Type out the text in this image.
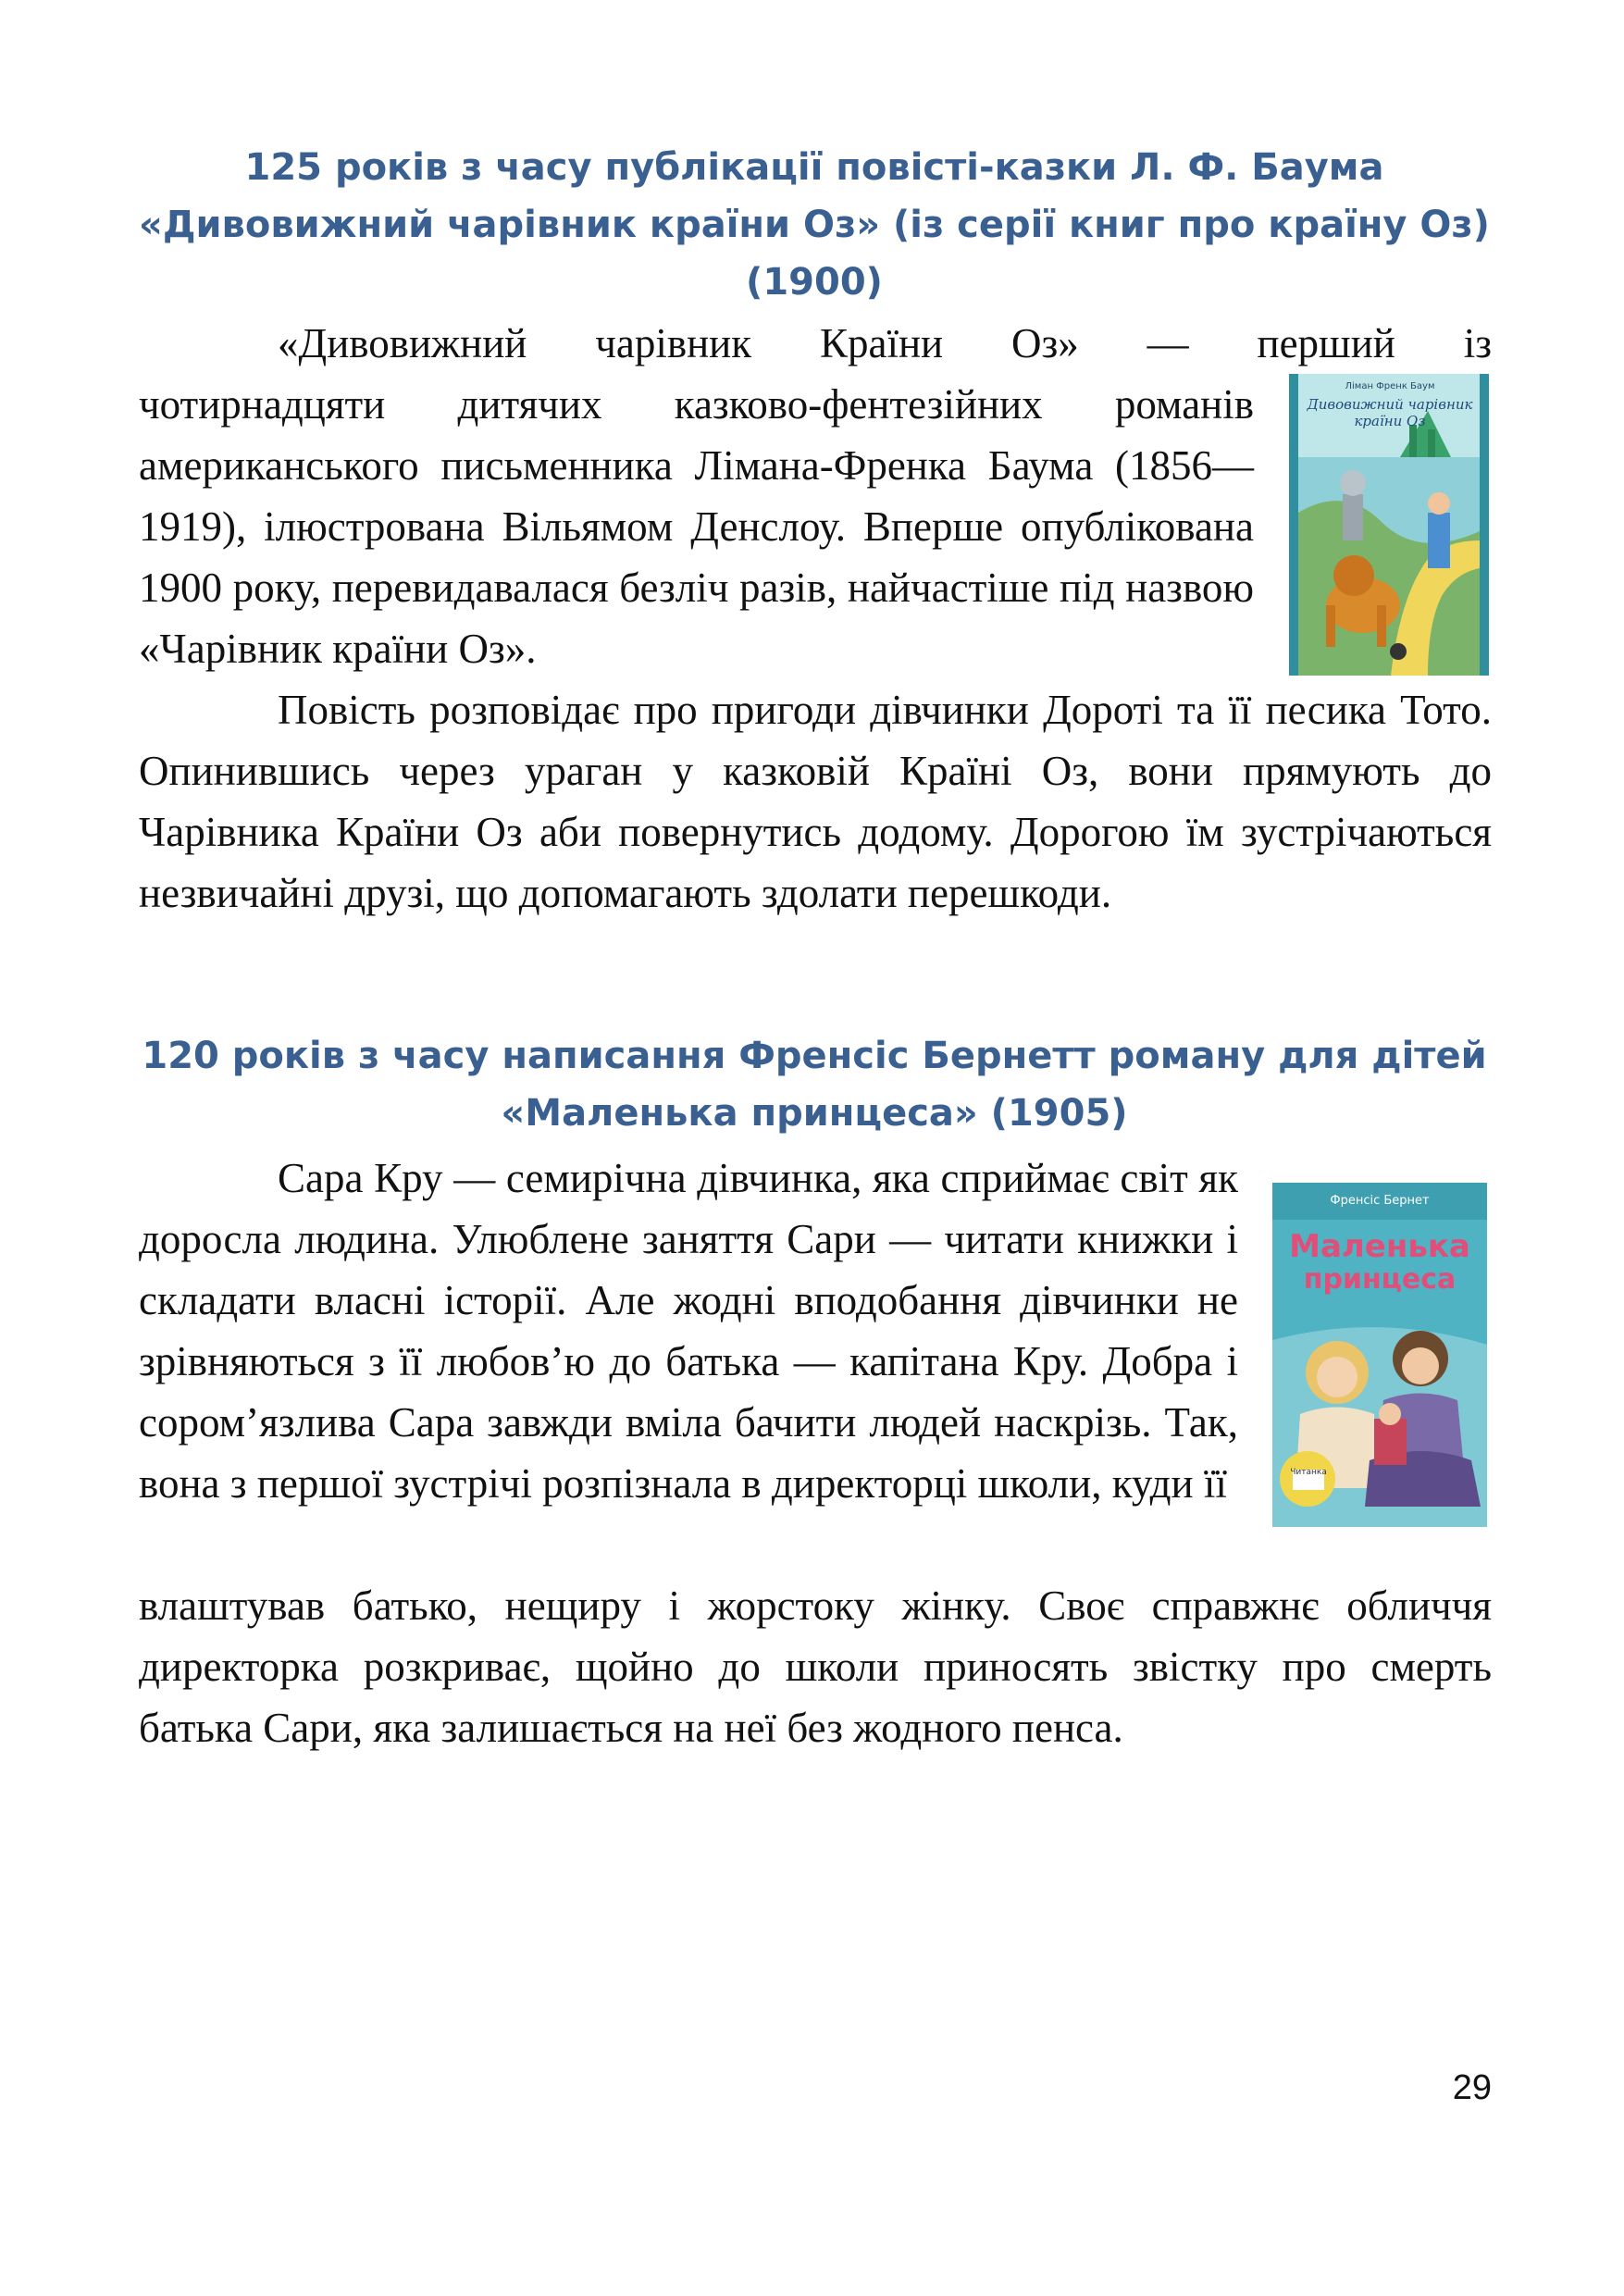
125 років з часу публікації повісті-казки Л. Ф. Баума
«Дивовижний чарівник країни Оз» (із серії книг про країну Оз)
(1900)
«Дивовижний чарівник Країни Оз» — перший із

чотирнадцяти дитячих казково-фентезійних романів американського письменника Лімана-Френка Баума (1856—1919), ілюстрована Вільямом Денслоу. Вперше опублікована 1900 року, перевидавалася безліч разів, найчастіше під назвою «Чарівник країни Оз».

Ліман Френк Баум
Дивовижний чарівник країни Оз

Повість розповідає про пригоди дівчинки Дороті та її песика Тото. Опинившись через ураган у казковій Країні Оз, вони прямують до Чарівника Країни Оз аби повернутись додому. Дорогою їм зустрічаються незвичайні друзі, що допомагають здолати перешкоди.

120 років з часу написання Френсіс Бернетт роману для дітей
«Маленька принцеса» (1905)

Сара Кру — семирічна дівчинка, яка сприймає світ як доросла людина. Улюблене заняття Сари — читати книжки і складати власні історії. Але жодні вподобання дівчинки не зрівняються з її любов’ю до батька — капітана Кру. Добра і сором’язлива Сара завжди вміла бачити людей наскрізь. Так, вона з першої зустрічі розпізнала в директорці школи, куди її

Френсіс Бернет
Маленька
принцеса
Читанка

влаштував батько, нещиру і жорстоку жінку. Своє справжнє обличчя директорка розкриває, щойно до школи приносять звістку про смерть батька Сари, яка залишається на неї без жодного пенса.

29
